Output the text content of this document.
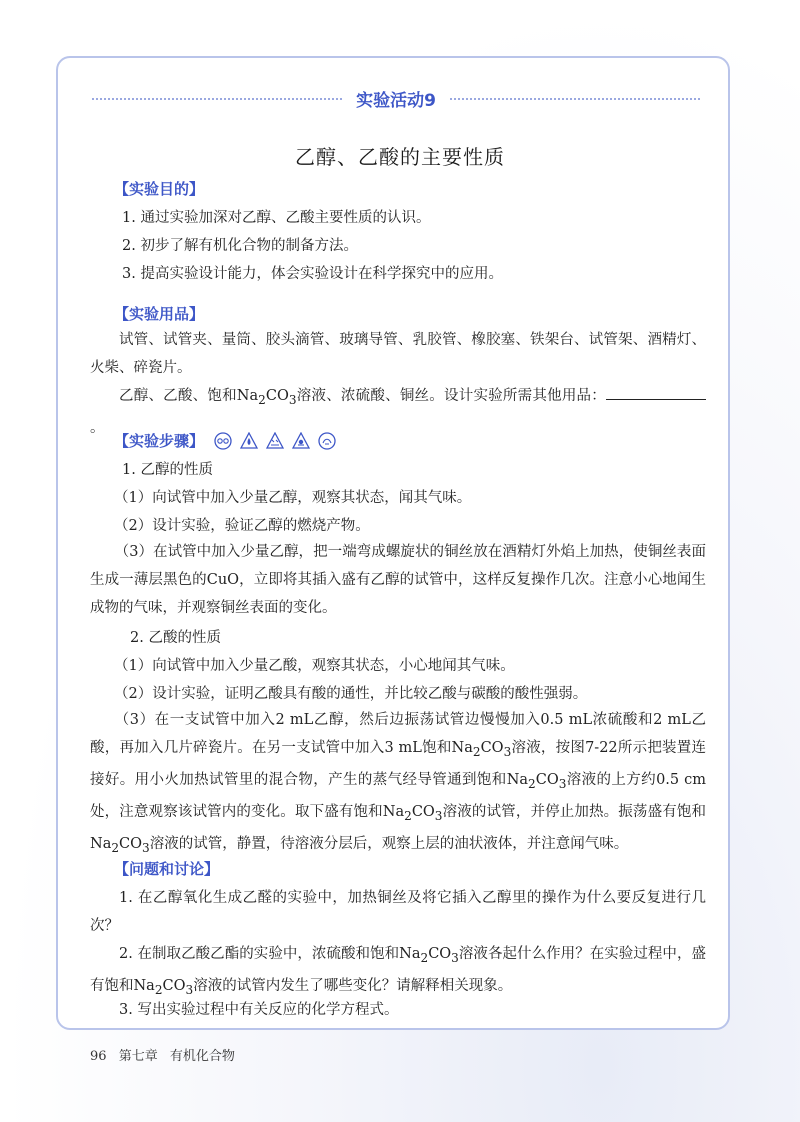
实验活动9
乙醇、乙酸的主要性质
【实验目的】
1. 通过实验加深对乙醇、乙酸主要性质的认识。
2. 初步了解有机化合物的制备方法。
3. 提高实验设计能力，体会实验设计在科学探究中的应用。
【实验用品】
试管、试管夹、量筒、胶头滴管、玻璃导管、乳胶管、橡胶塞、铁架台、试管架、酒精灯、火柴、碎瓷片。
乙醇、乙酸、饱和$Na_2CO_3$溶液、浓硫酸、铜丝。设计实验所需其他用品：。
【实验步骤】

1. 乙醇的性质
（1）向试管中加入少量乙醇，观察其状态，闻其气味。
（2）设计实验，验证乙醇的燃烧产物。
（3）在试管中加入少量乙醇，把一端弯成螺旋状的铜丝放在酒精灯外焰上加热，使铜丝表面生成一薄层黑色的CuO，立即将其插入盛有乙醇的试管中，这样反复操作几次。注意小心地闻生成物的气味，并观察铜丝表面的变化。
2. 乙酸的性质
（1）向试管中加入少量乙酸，观察其状态，小心地闻其气味。
（2）设计实验，证明乙酸具有酸的通性，并比较乙酸与碳酸的酸性强弱。
（3）在一支试管中加入2 mL乙醇，然后边振荡试管边慢慢加入0.5 mL浓硫酸和2 mL乙酸，再加入几片碎瓷片。在另一支试管中加入3 mL饱和$Na_2CO_3$溶液，按图7-22所示把装置连接好。用小火加热试管里的混合物，产生的蒸气经导管通到饱和$Na_2CO_3$溶液的上方约0.5 cm处，注意观察该试管内的变化。取下盛有饱和$Na_2CO_3$溶液的试管，并停止加热。振荡盛有饱和$Na_2CO_3$溶液的试管，静置，待溶液分层后，观察上层的油状液体，并注意闻气味。
【问题和讨论】
1. 在乙醇氧化生成乙醛的实验中，加热铜丝及将它插入乙醇里的操作为什么要反复进行几次？
2. 在制取乙酸乙酯的实验中，浓硫酸和饱和$Na_2CO_3$溶液各起什么作用？在实验过程中，盛有饱和$Na_2CO_3$溶液的试管内发生了哪些变化？请解释相关现象。
3. 写出实验过程中有关反应的化学方程式。
96 第七章 有机化合物
